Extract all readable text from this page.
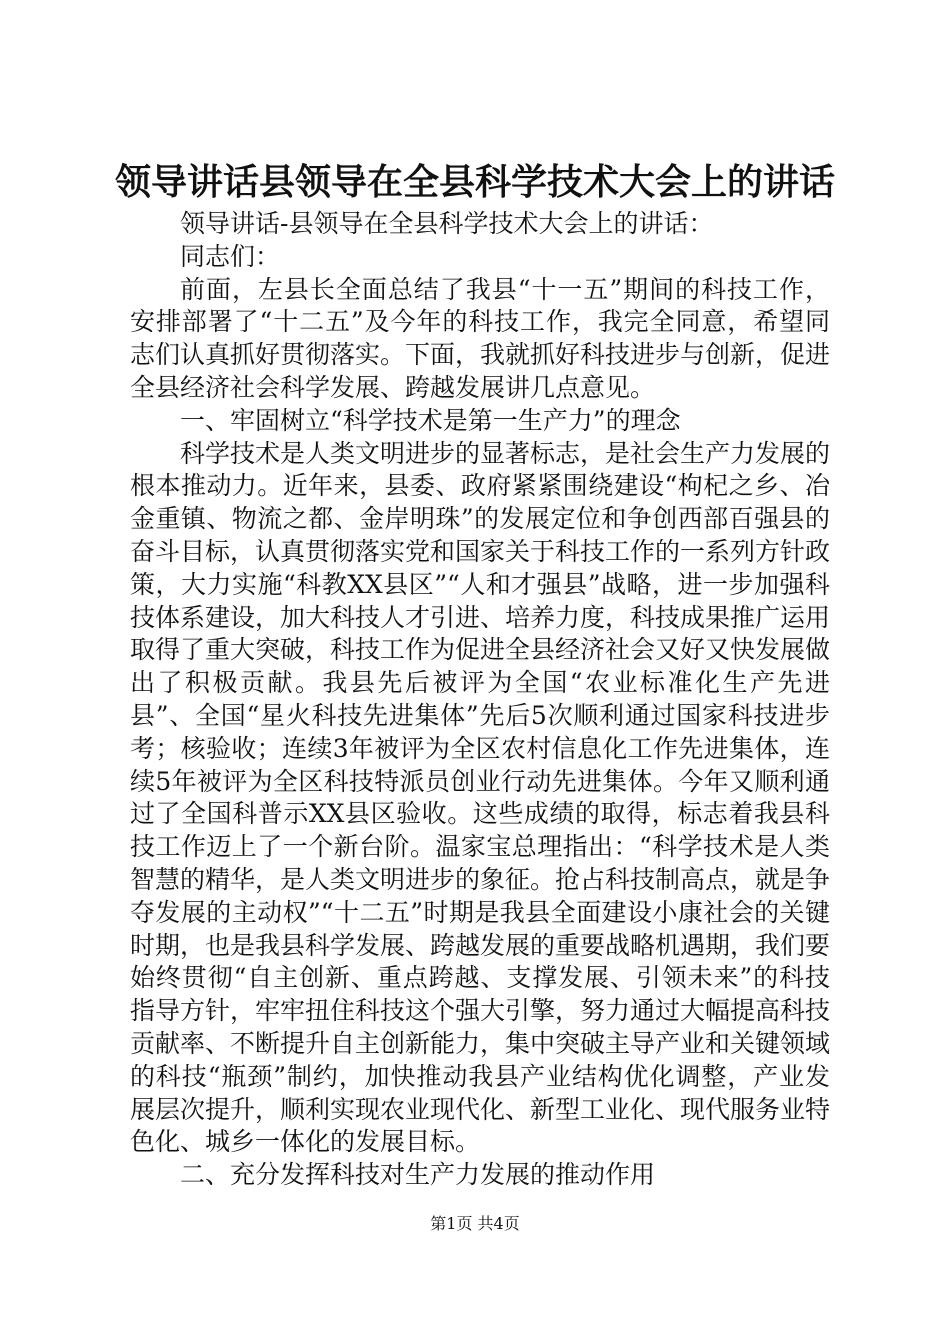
领导讲话县领导在全县科学技术大会上的讲话

领导讲话-县领导在全县科学技术大会上的讲话：

同志们：

前面，左县长全面总结了我县“十一五”期间的科技工作，安排部署了“十二五”及今年的科技工作，我完全同意，希望同志们认真抓好贯彻落实。下面，我就抓好科技进步与创新，促进全县经济社会科学发展、跨越发展讲几点意见。

一、牢固树立“科学技术是第一生产力”的理念

科学技术是人类文明进步的显著标志，是社会生产力发展的根本推动力。近年来，县委、政府紧紧围绕建设“枸杞之乡、冶金重镇、物流之都、金岸明珠”的发展定位和争创西部百强县的奋斗目标，认真贯彻落实党和国家关于科技工作的一系列方针政策，大力实施“科教XX县区”“人和才强县”战略，进一步加强科技体系建设，加大科技人才引进、培养力度，科技成果推广运用取得了重大突破，科技工作为促进全县经济社会又好又快发展做出了积极贡献。我县先后被评为全国“农业标准化生产先进县”、全国“星火科技先进集体”先后5次顺利通过国家科技进步考；核验收；连续3年被评为全区农村信息化工作先进集体，连续5年被评为全区科技特派员创业行动先进集体。今年又顺利通过了全国科普示XX县区验收。这些成绩的取得，标志着我县科技工作迈上了一个新台阶。温家宝总理指出：“科学技术是人类智慧的精华，是人类文明进步的象征。抢占科技制高点，就是争夺发展的主动权”“十二五”时期是我县全面建设小康社会的关键时期，也是我县科学发展、跨越发展的重要战略机遇期，我们要始终贯彻“自主创新、重点跨越、支撑发展、引领未来”的科技指导方针，牢牢扭住科技这个强大引擎，努力通过大幅提高科技贡献率、不断提升自主创新能力，集中突破主导产业和关键领域的科技“瓶颈”制约，加快推动我县产业结构优化调整，产业发展层次提升，顺利实现农业现代化、新型工业化、现代服务业特色化、城乡一体化的发展目标。

二、充分发挥科技对生产力发展的推动作用

第1页 共4页
